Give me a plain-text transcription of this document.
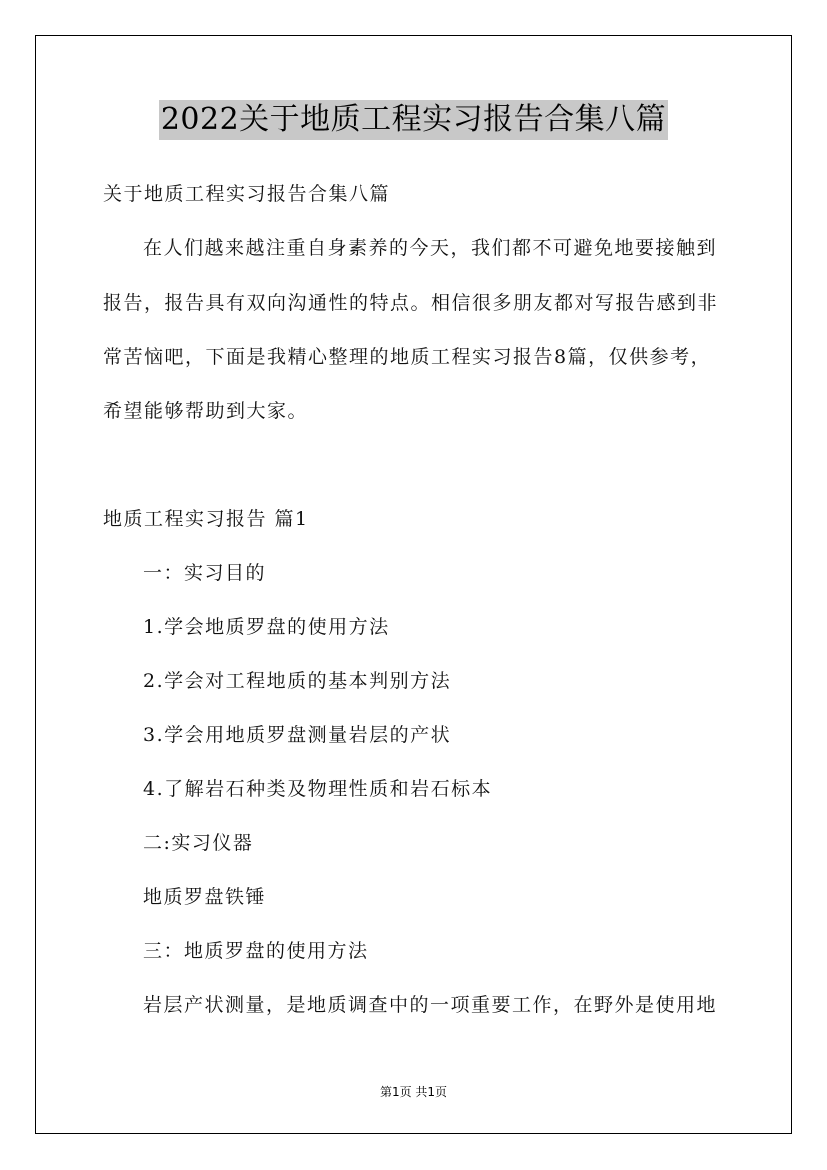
2022关于地质工程实习报告合集八篇
关于地质工程实习报告合集八篇
在人们越来越注重自身素养的今天，我们都不可避免地要接触到
报告，报告具有双向沟通性的特点。相信很多朋友都对写报告感到非
常苦恼吧，下面是我精心整理的地质工程实习报告8篇，仅供参考，
希望能够帮助到大家。
地质工程实习报告 篇1
一：实习目的
1.学会地质罗盘的使用方法
2.学会对工程地质的基本判别方法
3.学会用地质罗盘测量岩层的产状
4.了解岩石种类及物理性质和岩石标本
二:实习仪器
地质罗盘铁锤
三：地质罗盘的使用方法
岩层产状测量，是地质调查中的一项重要工作，在野外是使用地
第1页 共1页
